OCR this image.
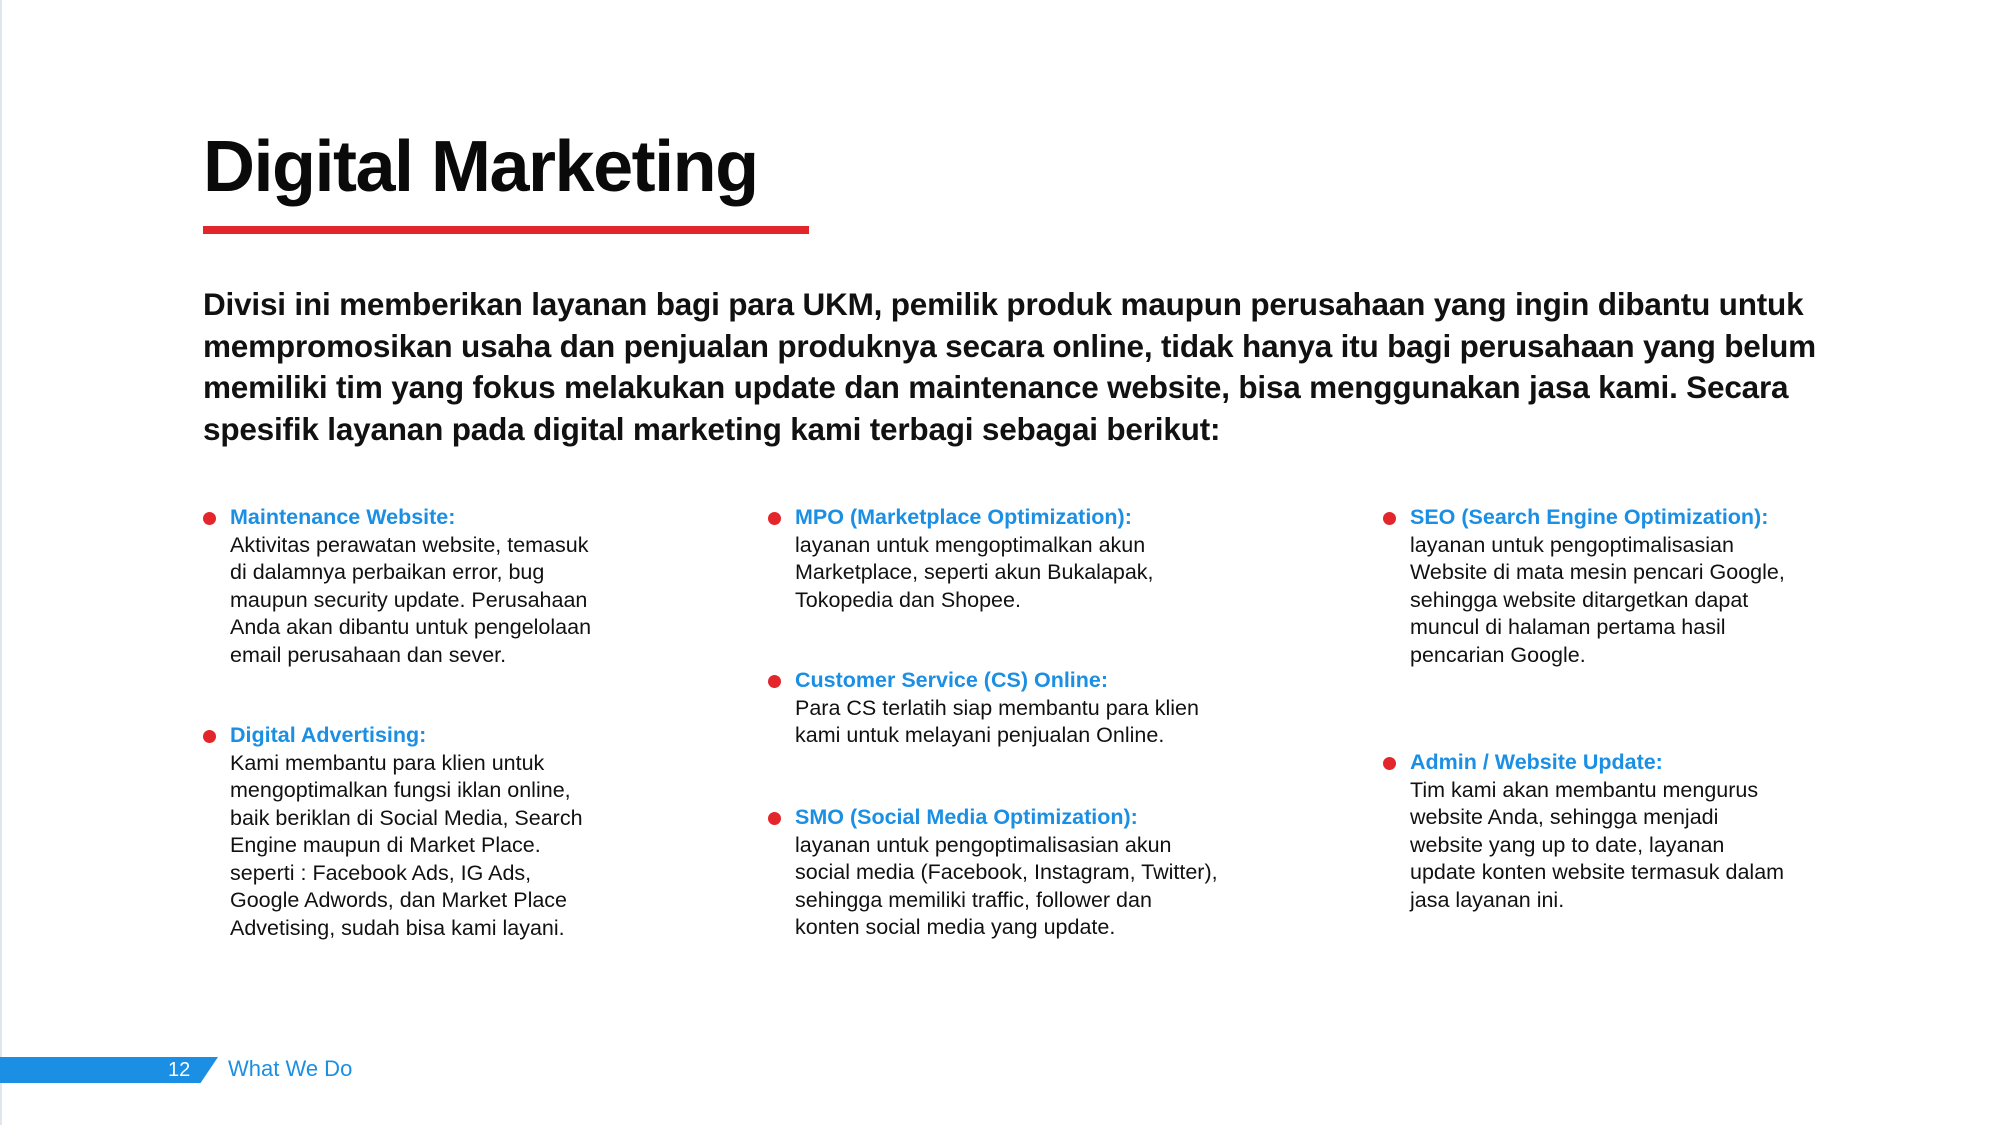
Digital Marketing

Divisi ini memberikan layanan bagi para UKM, pemilik produk maupun perusahaan yang ingin dibantu untuk mempromosikan usaha dan penjualan produknya secara online, tidak hanya itu bagi perusahaan yang belum memiliki tim yang fokus melakukan update dan maintenance website, bisa menggunakan jasa kami. Secara spesifik layanan pada digital marketing kami terbagi sebagai berikut:

Maintenance Website:
Aktivitas perawatan website, temasuk
di dalamnya perbaikan error, bug
maupun security update. Perusahaan
Anda akan dibantu untuk pengelolaan
email perusahaan dan sever.
Digital Advertising:
Kami membantu para klien untuk
mengoptimalkan fungsi iklan online,
baik beriklan di Social Media, Search
Engine maupun di Market Place.
seperti : Facebook Ads, IG Ads,
Google Adwords, dan Market Place
Advetising, sudah bisa kami layani.
MPO (Marketplace Optimization):
layanan untuk mengoptimalkan akun
Marketplace, seperti akun Bukalapak,
Tokopedia dan Shopee.
Customer Service (CS) Online:
Para CS terlatih siap membantu para klien
kami untuk melayani penjualan Online.
SMO (Social Media Optimization):
layanan untuk pengoptimalisasian akun
social media (Facebook, Instagram, Twitter),
sehingga memiliki traffic, follower dan
konten social media yang update.
SEO (Search Engine Optimization):
layanan untuk pengoptimalisasian
Website di mata mesin pencari Google,
sehingga website ditargetkan dapat
muncul di halaman pertama hasil
pencarian Google.
Admin / Website Update:
Tim kami akan membantu mengurus
website Anda, sehingga menjadi
website yang up to date, layanan
update konten website termasuk dalam
jasa layanan ini.
12 What We Do
